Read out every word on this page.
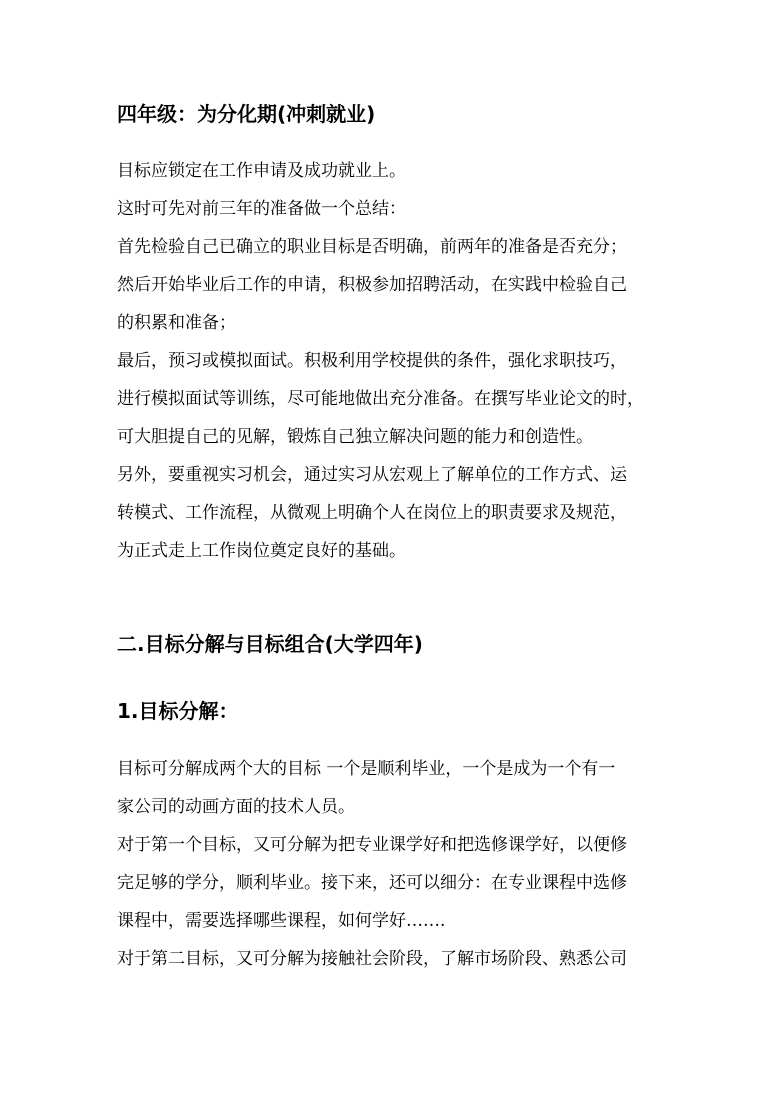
四年级：为分化期(冲刺就业)
目标应锁定在工作申请及成功就业上。
这时可先对前三年的准备做一个总结：
首先检验自己已确立的职业目标是否明确，前两年的准备是否充分；
然后开始毕业后工作的申请，积极参加招聘活动，在实践中检验自己
的积累和准备；
最后，预习或模拟面试。积极利用学校提供的条件，强化求职技巧，
进行模拟面试等训练，尽可能地做出充分准备。在撰写毕业论文的时，
可大胆提自己的见解，锻炼自己独立解决问题的能力和创造性。
另外，要重视实习机会，通过实习从宏观上了解单位的工作方式、运
转模式、工作流程，从微观上明确个人在岗位上的职责要求及规范，
为正式走上工作岗位奠定良好的基础。
二.目标分解与目标组合(大学四年)
1.目标分解：
目标可分解成两个大的目标 一个是顺利毕业，一个是成为一个有一
家公司的动画方面的技术人员。
对于第一个目标，又可分解为把专业课学好和把选修课学好，以便修
完足够的学分，顺利毕业。接下来，还可以细分：在专业课程中选修
课程中，需要选择哪些课程，如何学好…….
对于第二目标，又可分解为接触社会阶段，了解市场阶段、熟悉公司
